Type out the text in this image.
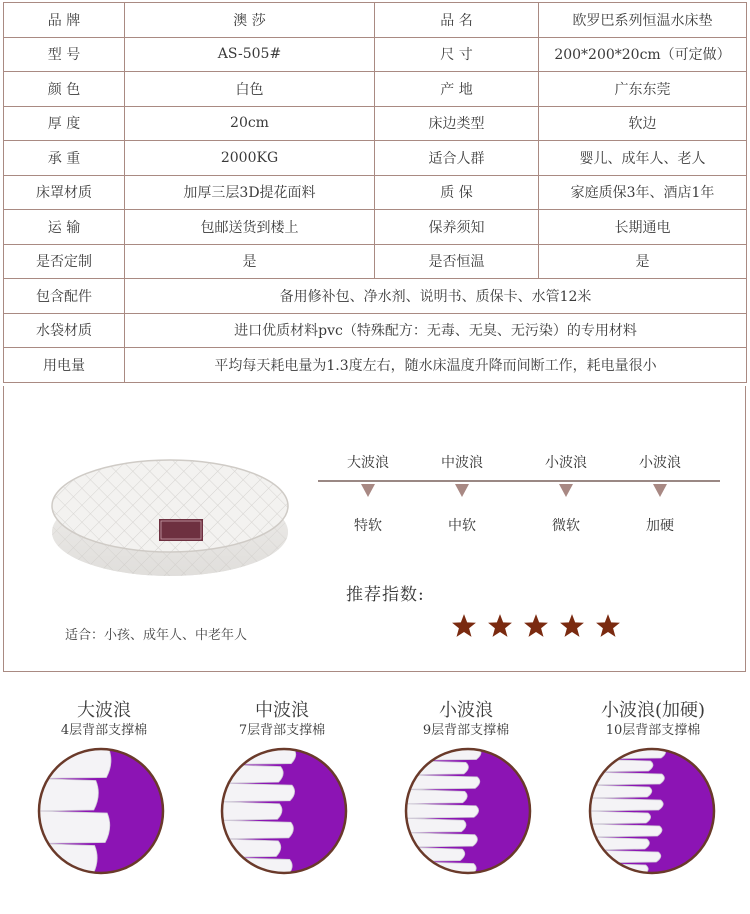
品 牌	澳 莎	品 名	欧罗巴系列恒温水床垫
型 号	AS-505#	尺 寸	200*200*20cm（可定做）
颜 色	白色	产 地	广东东莞
厚 度	20cm	床边类型	软边
承 重	2000KG	适合人群	婴儿、成年人、老人
床罩材质	加厚三层3D提花面料	质 保	家庭质保3年、酒店1年
运 输	包邮送货到楼上	保养须知	长期通电
是否定制	是	是否恒温	是
包含配件	备用修补包、净水剂、说明书、质保卡、水管12米		
水袋材质	进口优质材料pvc（特殊配方：无毒、无臭、无污染）的专用材料		
用电量	平均每天耗电量为1.3度左右，随水床温度升降而间断工作，耗电量很小		
大波浪
特软
中波浪
中软
小波浪
微软
小波浪
加硬
推荐指数:
适合：小孩、成年人、中老年人
大波浪
4层背部支撑棉
中波浪
7层背部支撑棉
小波浪
9层背部支撑棉
小波浪(加硬)
10层背部支撑棉
